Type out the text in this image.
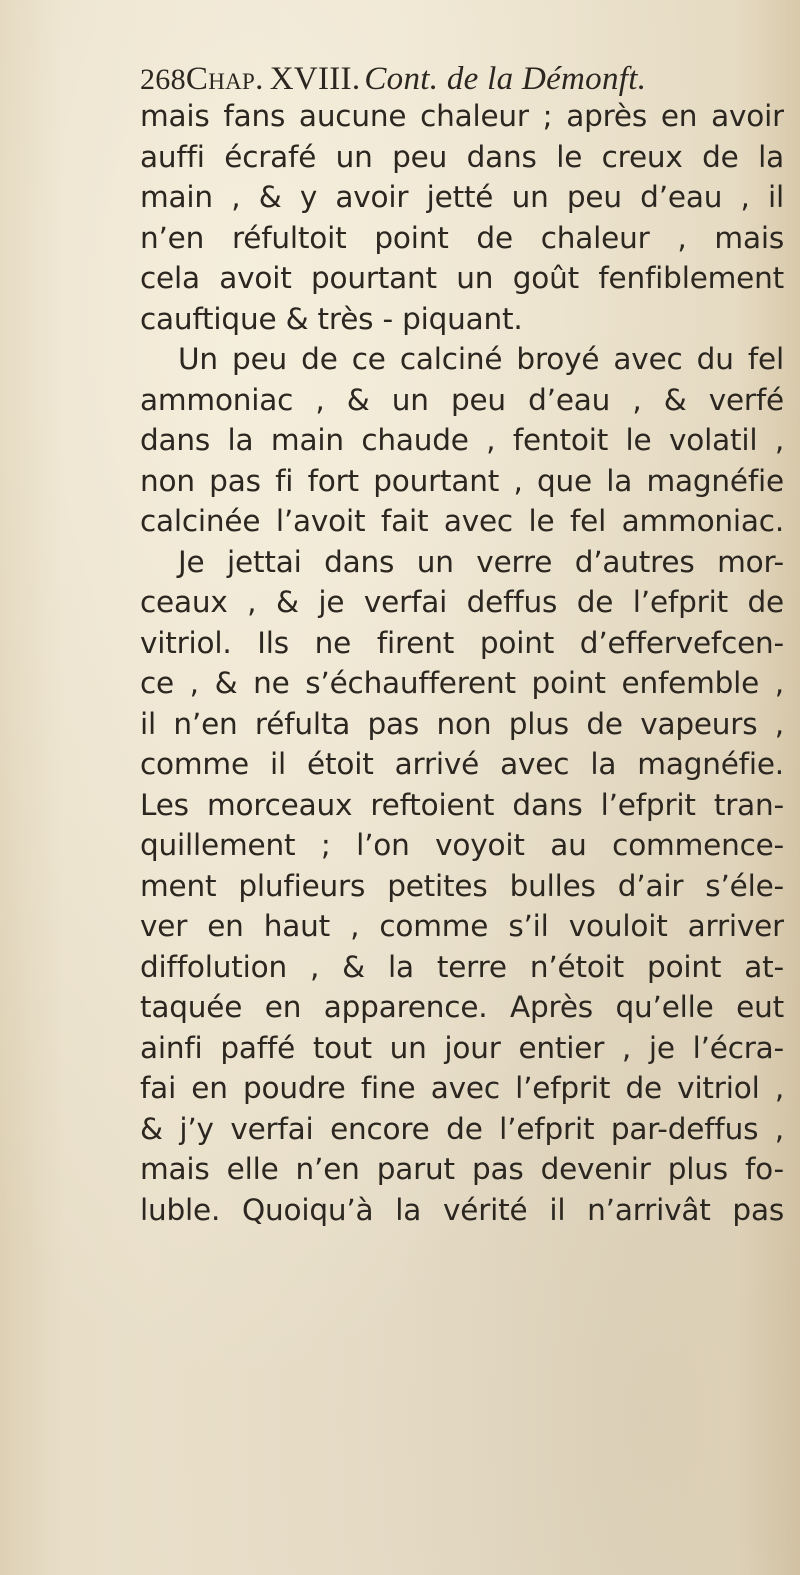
268Chap. XVIII. Cont. de la Démonft.
mais fans aucune chaleur ; après en avoir
auffi écrafé un peu dans le creux de la
main , & y avoir jetté un peu d’eau , il
n’en réfultoit point de chaleur , mais
cela avoit pourtant un goût fenfiblement
cauftique & très - piquant.
Un peu de ce calciné broyé avec du fel
ammoniac , & un peu d’eau , & verfé
dans la main chaude , fentoit le volatil ,
non pas fi fort pourtant , que la magnéfie
calcinée l’avoit fait avec le fel ammoniac.
Je jettai dans un verre d’autres mor-
ceaux , & je verfai deffus de l’efprit de
vitriol. Ils ne firent point d’effervefcen-
ce , & ne s’échaufferent point enfemble ,
il n’en réfulta pas non plus de vapeurs ,
comme il étoit arrivé avec la magnéfie.
Les morceaux reftoient dans l’efprit tran-
quillement ; l’on voyoit au commence-
ment plufieurs petites bulles d’air s’éle-
ver en haut , comme s’il vouloit arriver
diffolution , & la terre n’étoit point at-
taquée en apparence. Après qu’elle eut
ainfi paffé tout un jour entier , je l’écra-
fai en poudre fine avec l’efprit de vitriol ,
& j’y verfai encore de l’efprit par-deffus ,
mais elle n’en parut pas devenir plus fo-
luble. Quoiqu’à la vérité il n’arrivât pas
